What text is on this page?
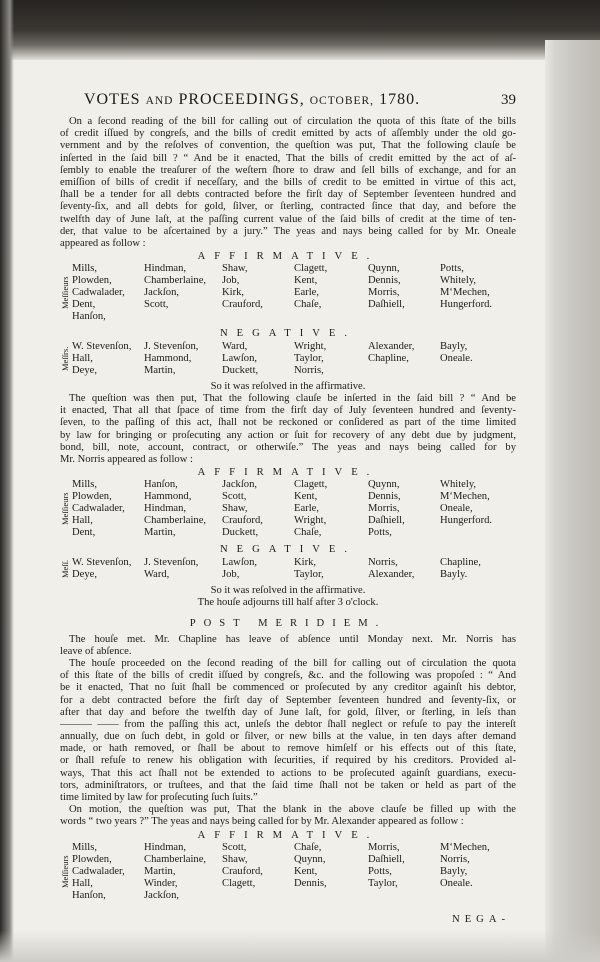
VOTES AND PROCEEDINGS, OCTOBER, 1780.	39
On a ſecond reading of the bill for calling out of circulation the quota of this ſtate of the bills
of credit iſſued by congreſs, and the bills of credit emitted by acts of aſſembly under the old go-
vernment and by the reſolves of convention, the queſtion was put, That the following clauſe be
inſerted in the ſaid bill ? “ And be it enacted, That the bills of credit emitted by the act of aſ-
ſembly to enable the treaſurer of the weſtern ſhore to draw and ſell bills of exchange, and for an
emiſſion of bills of credit if neceſſary, and the bills of credit to be emitted in virtue of this act,
ſhall be a tender for all debts contracted before the firſt day of September ſeventeen hundred and
ſeventy-ſix, and all debts for gold, ſilver, or ſterling, contracted ſince that day, and before the
twelfth day of June laſt, at the paſſing current value of the ſaid bills of credit at the time of ten-
der, that value to be aſcertained by a jury.” The yeas and nays being called for by Mr. Oneale
appeared as follow :
AFFIRMATIVE.
Meſſieurs
Mills,	Hindman,	Shaw,	Clagett,	Quynn,	Potts,
Plowden,	Chamberlaine,	Job,	Kent,	Dennis,	Whitely,
Cadwalader,	Jackſon,	Kirk,	Earle,	Morris,	M‘Mechen,
Dent,	Scott,	Crauford,	Chaſe,	Daſhiell,	Hungerford.
Hanſon,
NEGATIVE.
Meſſrs.
W. Stevenſon,	J. Stevenſon,	Ward,	Wright,	Alexander,	Bayly,
Hall,	Hammond,	Lawſon,	Taylor,	Chapline,	Oneale.
Deye,	Martin,	Duckett,	Norris,
So it was reſolved in the affirmative.
The queſtion was then put, That the following clauſe be inſerted in the ſaid bill ? “ And be
it enacted, That all that ſpace of time from the firſt day of July ſeventeen hundred and ſeventy-
ſeven, to the paſſing of this act, ſhall not be reckoned or conſidered as part of the time limited
by law for bringing or proſecuting any action or ſuit for recovery of any debt due by judgment,
bond, bill, note, account, contract, or otherwiſe.” The yeas and nays being called for by
Mr. Norris appeared as follow :
AFFIRMATIVE.
Meſſieurs
Mills,	Hanſon,	Jackſon,	Clagett,	Quynn,	Whitely,
Plowden,	Hammond,	Scott,	Kent,	Dennis,	M‘Mechen,
Cadwalader,	Hindman,	Shaw,	Earle,	Morris,	Oneale,
Hall,	Chamberlaine,	Crauford,	Wright,	Daſhiell,	Hungerford.
Dent,	Martin,	Duckett,	Chaſe,	Potts,
NEGATIVE.
Meſſ. W. Stevenſon,	J. Stevenſon,	Lawſon,	Kirk,	Norris,	Chapline,
Deye,	Ward,	Job,	Taylor,	Alexander,	Bayly.
So it was reſolved in the affirmative.
The houſe adjourns till half after 3 o'clock.
POST MERIDIEM.
The houſe met. Mr. Chapline has leave of abſence until Monday next. Mr. Norris has
leave of abſence.
The houſe proceeded on the ſecond reading of the bill for calling out of circulation the quota
of this ſtate of the bills of credit iſſued by congreſs, &c. and the following was propoſed : “ And
be it enacted, That no ſuit ſhall be commenced or proſecuted by any creditor againſt his debtor,
for a debt contracted before the firſt day of September ſeventeen hundred and ſeventy-ſix, or
after that day and before the twelfth day of June laſt, for gold, ſilver, or ſterling, in leſs than
——— —— from the paſſing this act, unleſs the debtor ſhall neglect or refuſe to pay the intereſt
annually, due on ſuch debt, in gold or ſilver, or new bills at the value, in ten days after demand
made, or hath removed, or ſhall be about to remove himſelf or his effects out of this ſtate,
or ſhall refuſe to renew his obligation with ſecurities, if required by his creditors. Provided al-
ways, That this act ſhall not be extended to actions to be proſecuted againſt guardians, execu-
tors, adminiſtrators, or truſtees, and that the ſaid time ſhall not be taken or held as part of the
time limited by law for proſecuting ſuch ſuits.”
On motion, the queſtion was put, That the blank in the above clauſe be filled up with the
words “ two years ?” The yeas and nays being called for by Mr. Alexander appeared as follow :
AFFIRMATIVE.
Meſſieurs
Mills,	Hindman,	Scott,	Chaſe,	Morris,	M‘Mechen,
Plowden,	Chamberlaine,	Shaw,	Quynn,	Daſhiell,	Norris,
Cadwalader,	Martin,	Crauford,	Kent,	Potts,	Bayly,
Hall,	Winder,	Clagett,	Dennis,	Taylor,	Oneale.
Hanſon,	Jackſon,
NEGA-
